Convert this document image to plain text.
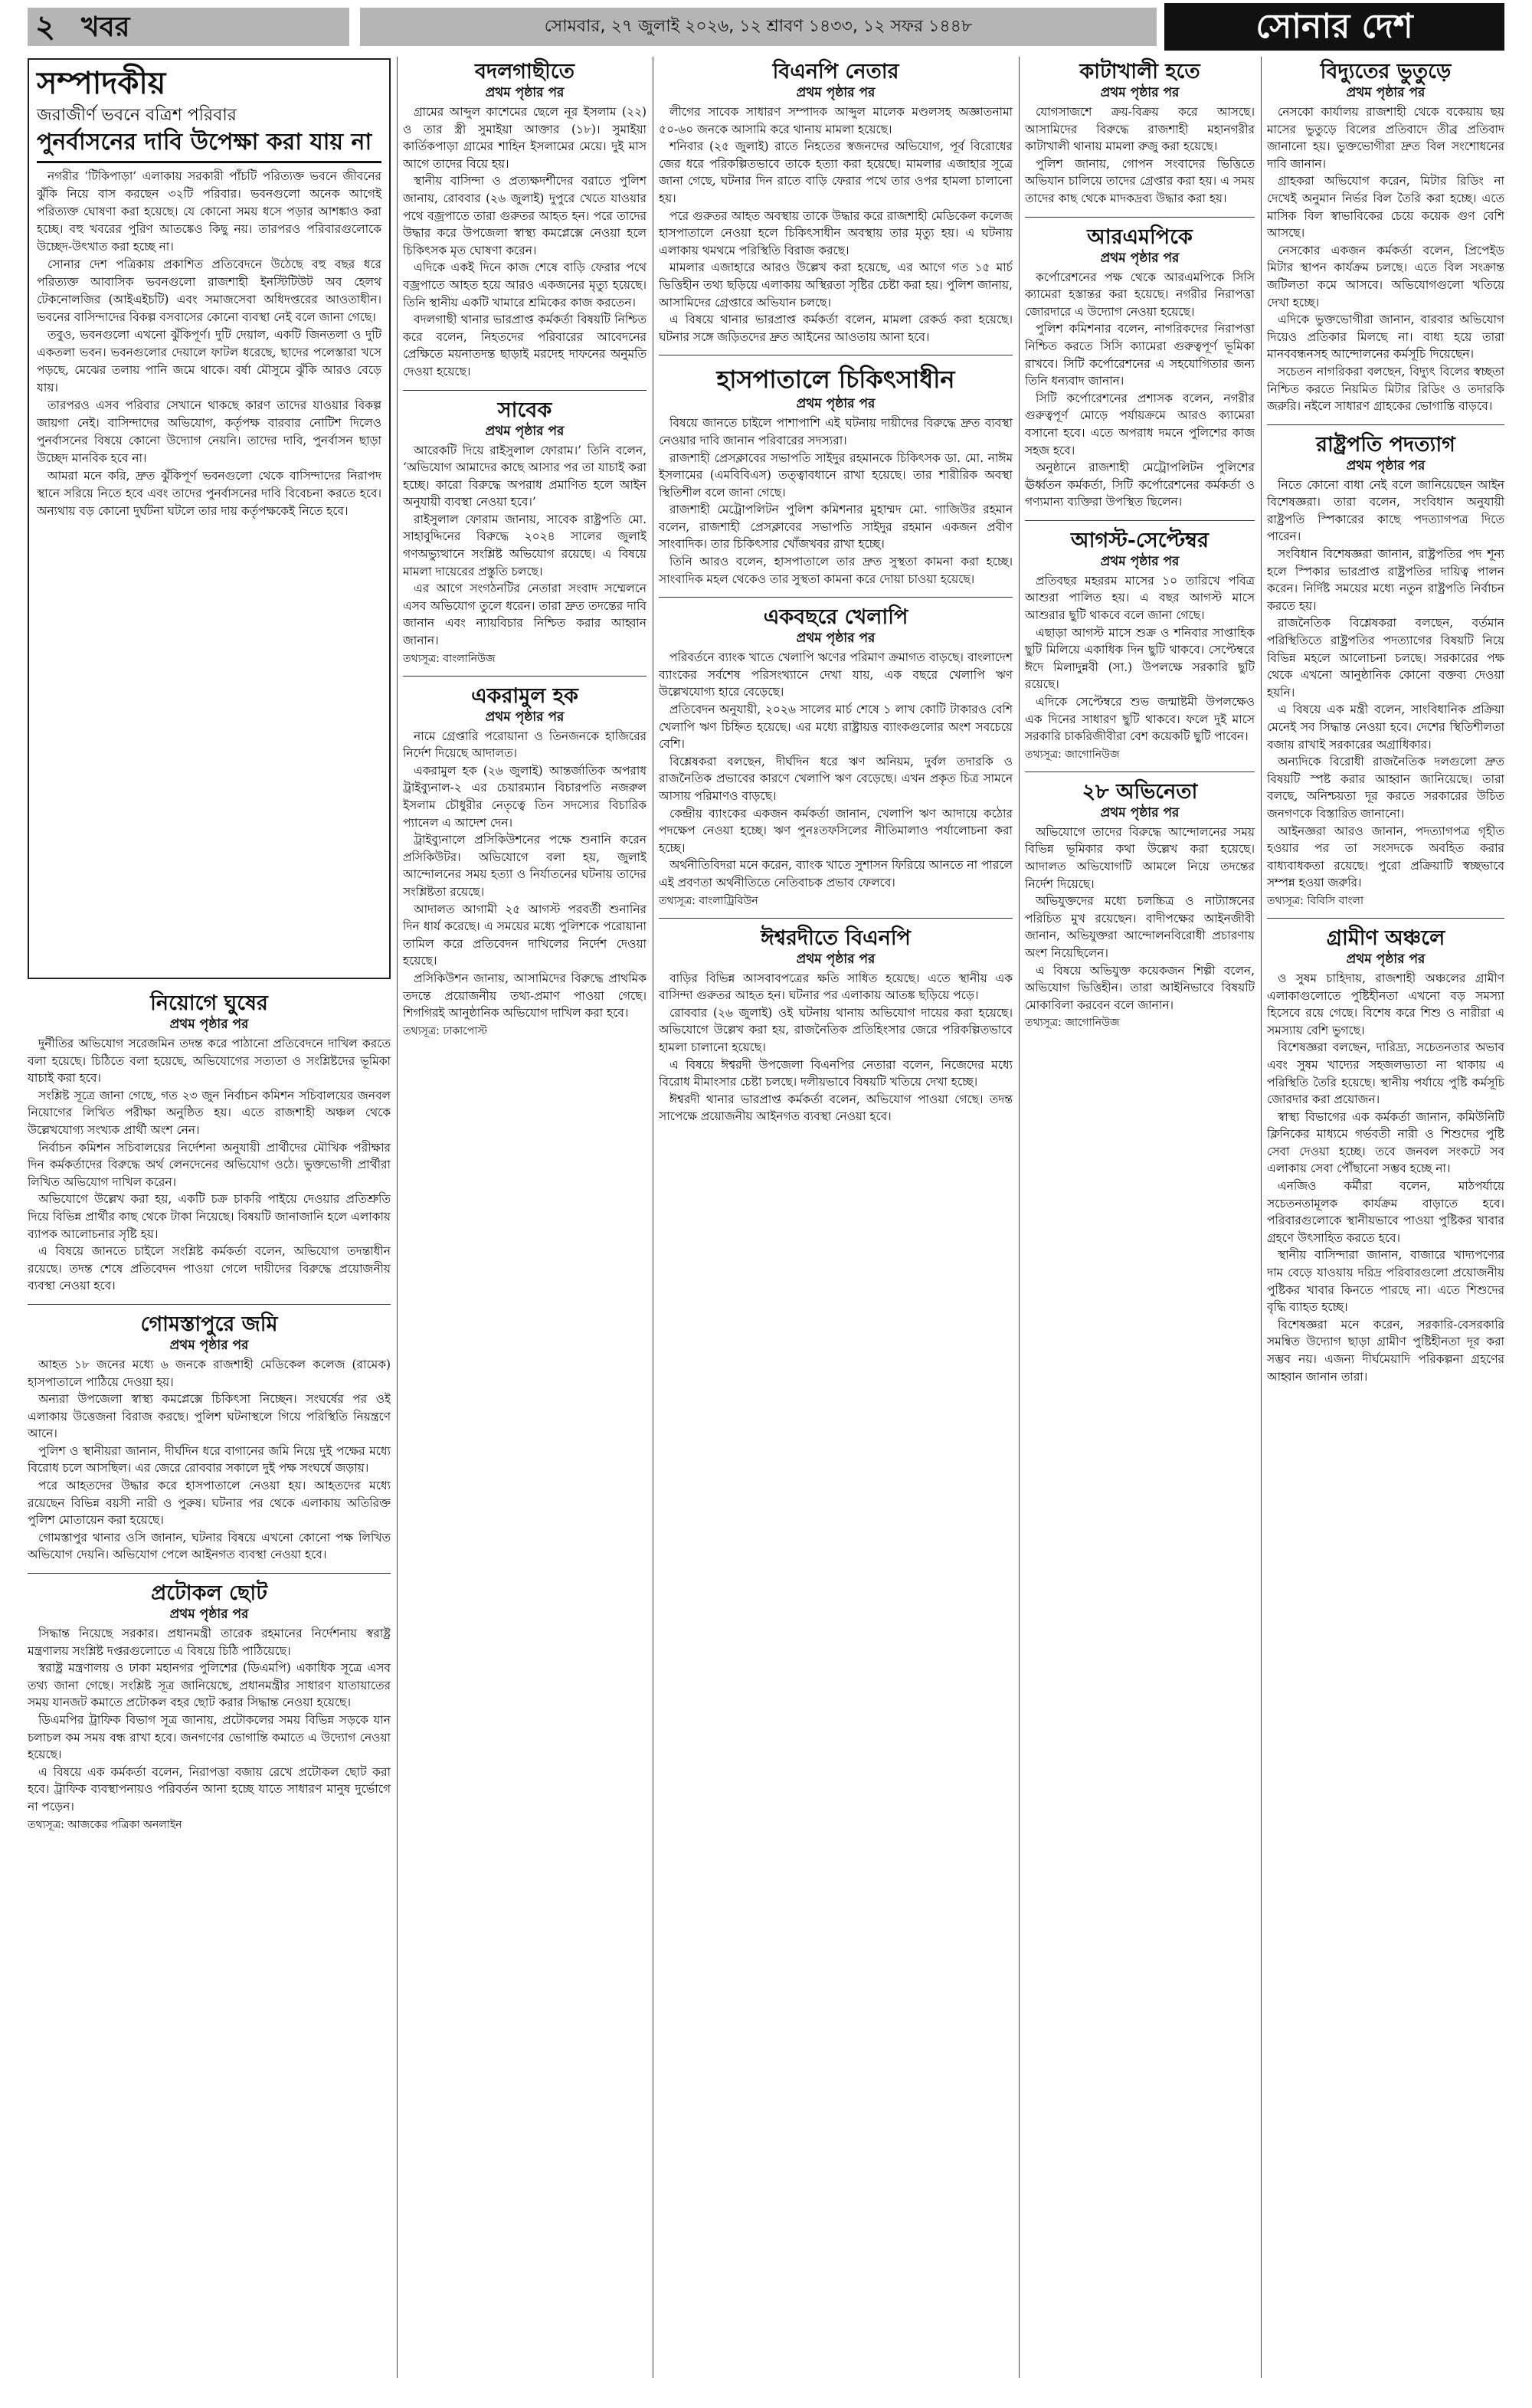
২ খবর	সোমবার, ২৭ জুলাই ২০২৬, ১২ শ্রাবণ ১৪৩৩, ১২ সফর ১৪৪৮	সোনার দেশ
সম্পাদকীয়
জরাজীর্ণ ভবনে বত্রিশ পরিবার
পুনর্বাসনের দাবি উপেক্ষা করা যায় না

নগরীর ‘টিকিপাড়া’ এলাকায় সরকারী পাঁচটি পরিত্যক্ত ভবনে জীবনের ঝুঁকি নিয়ে বাস করছেন ৩২টি পরিবার। ভবনগুলো অনেক আগেই পরিত্যক্ত ঘোষণা করা হয়েছে। যে কোনো সময় ধসে পড়ার আশঙ্কাও করা হচ্ছে। বহু খবরের পুরিণ আতঙ্কেও কিছু নয়। তারপরও পরিবারগুলোকে উচ্ছেদ-উৎখাত করা হচ্ছে না।

সোনার দেশ পত্রিকায় প্রকাশিত প্রতিবেদনে উঠেছে বহু বছর ধরে পরিত্যক্ত আবাসিক ভবনগুলো রাজশাহী ইনস্টিটিউট অব হেলথ টেকনোলজির (আইএইচটি) এবং সমাজসেবা অধিদপ্তরের আওতাধীন। ভবনের বাসিন্দাদের বিকল্প বসবাসের কোনো ব্যবস্থা নেই বলে জানা গেছে।

তবুও, ভবনগুলো এখনো ঝুঁকিপূর্ণ। দুটি দেয়াল, একটি জিনতলা ও দুটি একতলা ভবন। ভবনগুলোর দেয়ালে ফাটল ধরেছে, ছাদের পলেস্তারা খসে পড়ছে, মেঝের তলায় পানি জমে থাকে। বর্ষা মৌসুমে ঝুঁকি আরও বেড়ে যায়।

তারপরও এসব পরিবার সেখানে থাকছে কারণ তাদের যাওয়ার বিকল্প জায়গা নেই। বাসিন্দাদের অভিযোগ, কর্তৃপক্ষ বারবার নোটিশ দিলেও পুনর্বাসনের বিষয়ে কোনো উদ্যোগ নেয়নি। তাদের দাবি, পুনর্বাসন ছাড়া উচ্ছেদ মানবিক হবে না।

আমরা মনে করি, দ্রুত ঝুঁকিপূর্ণ ভবনগুলো থেকে বাসিন্দাদের নিরাপদ স্থানে সরিয়ে নিতে হবে এবং তাদের পুনর্বাসনের দাবি বিবেচনা করতে হবে। অন্যথায় বড় কোনো দুর্ঘটনা ঘটলে তার দায় কর্তৃপক্ষকেই নিতে হবে।

নিয়োগে ঘুষের
প্রথম পৃষ্ঠার পর

দুর্নীতির অভিযোগ সরেজমিন তদন্ত করে পাঠানো প্রতিবেদনে দাখিল করতে বলা হয়েছে। চিঠিতে বলা হয়েছে, অভিযোগের সত্যতা ও সংশ্লিষ্টদের ভূমিকা যাচাই করা হবে।

সংশ্লিষ্ট সূত্রে জানা গেছে, গত ২৩ জুন নির্বাচন কমিশন সচিবালয়ের জনবল নিয়োগের লিখিত পরীক্ষা অনুষ্ঠিত হয়। এতে রাজশাহী অঞ্চল থেকে উল্লেখযোগ্য সংখ্যক প্রার্থী অংশ নেন।

নির্বাচন কমিশন সচিবালয়ের নির্দেশনা অনুযায়ী প্রার্থীদের মৌখিক পরীক্ষার দিন কর্মকর্তাদের বিরুদ্ধে অর্থ লেনদেনের অভিযোগ ওঠে। ভুক্তভোগী প্রার্থীরা লিখিত অভিযোগ দাখিল করেন।

অভিযোগে উল্লেখ করা হয়, একটি চক্র চাকরি পাইয়ে দেওয়ার প্রতিশ্রুতি দিয়ে বিভিন্ন প্রার্থীর কাছ থেকে টাকা নিয়েছে। বিষয়টি জানাজানি হলে এলাকায় ব্যাপক আলোচনার সৃষ্টি হয়।

এ বিষয়ে জানতে চাইলে সংশ্লিষ্ট কর্মকর্তা বলেন, অভিযোগ তদন্তাধীন রয়েছে। তদন্ত শেষে প্রতিবেদন পাওয়া গেলে দায়ীদের বিরুদ্ধে প্রয়োজনীয় ব্যবস্থা নেওয়া হবে।

গোমস্তাপুরে জমি
প্রথম পৃষ্ঠার পর

আহত ১৮ জনের মধ্যে ৬ জনকে রাজশাহী মেডিকেল কলেজ (রামেক) হাসপাতালে পাঠিয়ে দেওয়া হয়।

অন্যরা উপজেলা স্বাস্থ্য কমপ্লেক্সে চিকিৎসা নিচ্ছেন। সংঘর্ষের পর ওই এলাকায় উত্তেজনা বিরাজ করছে। পুলিশ ঘটনাস্থলে গিয়ে পরিস্থিতি নিয়ন্ত্রণে আনে।

পুলিশ ও স্থানীয়রা জানান, দীর্ঘদিন ধরে বাগানের জমি নিয়ে দুই পক্ষের মধ্যে বিরোধ চলে আসছিল। এর জেরে রোববার সকালে দুই পক্ষ সংঘর্ষে জড়ায়।

পরে আহতদের উদ্ধার করে হাসপাতালে নেওয়া হয়। আহতদের মধ্যে রয়েছেন বিভিন্ন বয়সী নারী ও পুরুষ। ঘটনার পর থেকে এলাকায় অতিরিক্ত পুলিশ মোতায়েন করা হয়েছে।

গোমস্তাপুর থানার ওসি জানান, ঘটনার বিষয়ে এখনো কোনো পক্ষ লিখিত অভিযোগ দেয়নি। অভিযোগ পেলে আইনগত ব্যবস্থা নেওয়া হবে।

প্রটোকল ছোট
প্রথম পৃষ্ঠার পর

সিদ্ধান্ত নিয়েছে সরকার। প্রধানমন্ত্রী তারেক রহমানের নির্দেশনায় স্বরাষ্ট্র মন্ত্রণালয় সংশ্লিষ্ট দপ্তরগুলোতে এ বিষয়ে চিঠি পাঠিয়েছে।

স্বরাষ্ট্র মন্ত্রণালয় ও ঢাকা মহানগর পুলিশের (ডিএমপি) একাধিক সূত্রে এসব তথ্য জানা গেছে। সংশ্লিষ্ট সূত্র জানিয়েছে, প্রধানমন্ত্রীর সাধারণ যাতায়াতের সময় যানজট কমাতে প্রটোকল বহর ছোট করার সিদ্ধান্ত নেওয়া হয়েছে।

ডিএমপির ট্রাফিক বিভাগ সূত্র জানায়, প্রটোকলের সময় বিভিন্ন সড়কে যান চলাচল কম সময় বন্ধ রাখা হবে। জনগণের ভোগান্তি কমাতে এ উদ্যোগ নেওয়া হয়েছে।

এ বিষয়ে এক কর্মকর্তা বলেন, নিরাপত্তা বজায় রেখে প্রটোকল ছোট করা হবে। ট্রাফিক ব্যবস্থাপনায়ও পরিবর্তন আনা হচ্ছে যাতে সাধারণ মানুষ দুর্ভোগে না পড়েন।

তথ্যসূত্র: আজকের পত্রিকা অনলাইন
বদলগাছীতে
প্রথম পৃষ্ঠার পর

গ্রামের আব্দুল কাশেমের ছেলে নূর ইসলাম (২২) ও তার স্ত্রী সুমাইয়া আক্তার (১৮)। সুমাইয়া কার্তিকপাড়া গ্রামের শাহিন ইসলামের মেয়ে। দুই মাস আগে তাদের বিয়ে হয়।

স্থানীয় বাসিন্দা ও প্রত্যক্ষদর্শীদের বরাতে পুলিশ জানায়, রোববার (২৬ জুলাই) দুপুরে খেতে যাওয়ার পথে বজ্রপাতে তারা গুরুতর আহত হন। পরে তাদের উদ্ধার করে উপজেলা স্বাস্থ্য কমপ্লেক্সে নেওয়া হলে চিকিৎসক মৃত ঘোষণা করেন।

এদিকে একই দিনে কাজ শেষে বাড়ি ফেরার পথে বজ্রপাতে আহত হয়ে আরও একজনের মৃত্যু হয়েছে। তিনি স্থানীয় একটি খামারে শ্রমিকের কাজ করতেন।

বদলগাছী থানার ভারপ্রাপ্ত কর্মকর্তা বিষয়টি নিশ্চিত করে বলেন, নিহতদের পরিবারের আবেদনের প্রেক্ষিতে ময়নাতদন্ত ছাড়াই মরদেহ দাফনের অনুমতি দেওয়া হয়েছে।

সাবেক
প্রথম পৃষ্ঠার পর

আরেকটি দিয়ে রাইসুলাল ফোরাম।’ তিনি বলেন, ‘অভিযোগ আমাদের কাছে আসার পর তা যাচাই করা হচ্ছে। কারো বিরুদ্ধে অপরাধ প্রমাণিত হলে আইন অনুযায়ী ব্যবস্থা নেওয়া হবে।’

রাইসুলাল ফোরাম জানায়, সাবেক রাষ্ট্রপতি মো. সাহাবুদ্দিনের বিরুদ্ধে ২০২৪ সালের জুলাই গণঅভ্যুত্থানে সংশ্লিষ্ট অভিযোগ রয়েছে। এ বিষয়ে মামলা দায়েরের প্রস্তুতি চলছে।

এর আগে সংগঠনটির নেতারা সংবাদ সম্মেলনে এসব অভিযোগ তুলে ধরেন। তারা দ্রুত তদন্তের দাবি জানান এবং ন্যায়বিচার নিশ্চিত করার আহ্বান জানান।

তথ্যসূত্র: বাংলানিউজ
একরামুল হক
প্রথম পৃষ্ঠার পর

নামে গ্রেপ্তারি পরোয়ানা ও তিনজনকে হাজিরের নির্দেশ দিয়েছে আদালত।

একরামুল হক (২৬ জুলাই) আন্তর্জাতিক অপরাধ ট্রাইব্যুনাল-২ এর চেয়ারম্যান বিচারপতি নজরুল ইসলাম চৌধুরীর নেতৃত্বে তিন সদস্যের বিচারিক প্যানেল এ আদেশ দেন।

ট্রাইব্যুনালে প্রসিকিউশনের পক্ষে শুনানি করেন প্রসিকিউটর। অভিযোগে বলা হয়, জুলাই আন্দোলনের সময় হত্যা ও নির্যাতনের ঘটনায় তাদের সংশ্লিষ্টতা রয়েছে।

আদালত আগামী ২৫ আগস্ট পরবর্তী শুনানির দিন ধার্য করেছে। এ সময়ের মধ্যে পুলিশকে পরোয়ানা তামিল করে প্রতিবেদন দাখিলের নির্দেশ দেওয়া হয়েছে।

প্রসিকিউশন জানায়, আসামিদের বিরুদ্ধে প্রাথমিক তদন্তে প্রয়োজনীয় তথ্য-প্রমাণ পাওয়া গেছে। শিগগিরই আনুষ্ঠানিক অভিযোগ দাখিল করা হবে।

তথ্যসূত্র: ঢাকাপোস্ট
বিএনপি নেতার
প্রথম পৃষ্ঠার পর

লীগের সাবেক সাধারণ সম্পাদক আব্দুল মালেক মণ্ডলসহ অজ্ঞাতনামা ৫০-৬০ জনকে আসামি করে থানায় মামলা হয়েছে।

শনিবার (২৫ জুলাই) রাতে নিহতের স্বজনদের অভিযোগ, পূর্ব বিরোধের জের ধরে পরিকল্পিতভাবে তাকে হত্যা করা হয়েছে। মামলার এজাহার সূত্রে জানা গেছে, ঘটনার দিন রাতে বাড়ি ফেরার পথে তার ওপর হামলা চালানো হয়।

পরে গুরুতর আহত অবস্থায় তাকে উদ্ধার করে রাজশাহী মেডিকেল কলেজ হাসপাতালে নেওয়া হলে চিকিৎসাধীন অবস্থায় তার মৃত্যু হয়। এ ঘটনায় এলাকায় থমথমে পরিস্থিতি বিরাজ করছে।

মামলার এজাহারে আরও উল্লেখ করা হয়েছে, এর আগে গত ১৫ মার্চ ভিত্তিহীন তথ্য ছড়িয়ে এলাকায় অস্থিরতা সৃষ্টির চেষ্টা করা হয়। পুলিশ জানায়, আসামিদের গ্রেপ্তারে অভিযান চলছে।

এ বিষয়ে থানার ভারপ্রাপ্ত কর্মকর্তা বলেন, মামলা রেকর্ড করা হয়েছে। ঘটনার সঙ্গে জড়িতদের দ্রুত আইনের আওতায় আনা হবে।

হাসপাতালে চিকিৎসাধীন
প্রথম পৃষ্ঠার পর

বিষয়ে জানতে চাইলে পাশাপাশি এই ঘটনায় দায়ীদের বিরুদ্ধে দ্রুত ব্যবস্থা নেওয়ার দাবি জানান পরিবারের সদস্যরা।

রাজশাহী প্রেসক্লাবের সভাপতি সাইদুর রহমানকে চিকিৎসক ডা. মো. নাঈম ইসলামের (এমবিবিএস) তত্ত্বাবধানে রাখা হয়েছে। তার শারীরিক অবস্থা স্থিতিশীল বলে জানা গেছে।

রাজশাহী মেট্রোপলিটন পুলিশ কমিশনার মুহাম্মদ মো. গাজিউর রহমান বলেন, রাজশাহী প্রেসক্লাবের সভাপতি সাইদুর রহমান একজন প্রবীণ সাংবাদিক। তার চিকিৎসার খোঁজখবর রাখা হচ্ছে।

তিনি আরও বলেন, হাসপাতালে তার দ্রুত সুস্থতা কামনা করা হচ্ছে। সাংবাদিক মহল থেকেও তার সুস্থতা কামনা করে দোয়া চাওয়া হয়েছে।

একবছরে খেলাপি
প্রথম পৃষ্ঠার পর

পরিবর্তনে ব্যাংক খাতে খেলাপি ঋণের পরিমাণ ক্রমাগত বাড়ছে। বাংলাদেশ ব্যাংকের সর্বশেষ পরিসংখ্যানে দেখা যায়, এক বছরে খেলাপি ঋণ উল্লেখযোগ্য হারে বেড়েছে।

প্রতিবেদন অনুযায়ী, ২০২৬ সালের মার্চ শেষে ১ লাখ কোটি টাকারও বেশি খেলাপি ঋণ চিহ্নিত হয়েছে। এর মধ্যে রাষ্ট্রায়ত্ত ব্যাংকগুলোর অংশ সবচেয়ে বেশি।

বিশ্লেষকরা বলছেন, দীর্ঘদিন ধরে ঋণ অনিয়ম, দুর্বল তদারকি ও রাজনৈতিক প্রভাবের কারণে খেলাপি ঋণ বেড়েছে। এখন প্রকৃত চিত্র সামনে আসায় পরিমাণও বাড়ছে।

কেন্দ্রীয় ব্যাংকের একজন কর্মকর্তা জানান, খেলাপি ঋণ আদায়ে কঠোর পদক্ষেপ নেওয়া হচ্ছে। ঋণ পুনঃতফসিলের নীতিমালাও পর্যালোচনা করা হচ্ছে।

অর্থনীতিবিদরা মনে করেন, ব্যাংক খাতে সুশাসন ফিরিয়ে আনতে না পারলে এই প্রবণতা অর্থনীতিতে নেতিবাচক প্রভাব ফেলবে।

তথ্যসূত্র: বাংলাট্রিবিউন
ঈশ্বরদীতে বিএনপি
প্রথম পৃষ্ঠার পর

বাড়ির বিভিন্ন আসবাবপত্রের ক্ষতি সাধিত হয়েছে। এতে স্থানীয় এক বাসিন্দা গুরুতর আহত হন। ঘটনার পর এলাকায় আতঙ্ক ছড়িয়ে পড়ে।

রোববার (২৬ জুলাই) ওই ঘটনায় থানায় অভিযোগ দায়ের করা হয়েছে। অভিযোগে উল্লেখ করা হয়, রাজনৈতিক প্রতিহিংসার জেরে পরিকল্পিতভাবে হামলা চালানো হয়েছে।

এ বিষয়ে ঈশ্বরদী উপজেলা বিএনপির নেতারা বলেন, নিজেদের মধ্যে বিরোধ মীমাংসার চেষ্টা চলছে। দলীয়ভাবে বিষয়টি খতিয়ে দেখা হচ্ছে।

ঈশ্বরদী থানার ভারপ্রাপ্ত কর্মকর্তা বলেন, অভিযোগ পাওয়া গেছে। তদন্ত সাপেক্ষে প্রয়োজনীয় আইনগত ব্যবস্থা নেওয়া হবে।

কাটাখালী হতে
প্রথম পৃষ্ঠার পর

যোগসাজশে ক্রয়-বিক্রয় করে আসছে। আসামিদের বিরুদ্ধে রাজশাহী মহানগরীর কাটাখালী থানায় মামলা রুজু করা হয়েছে।

পুলিশ জানায়, গোপন সংবাদের ভিত্তিতে অভিযান চালিয়ে তাদের গ্রেপ্তার করা হয়। এ সময় তাদের কাছ থেকে মাদকদ্রব্য উদ্ধার করা হয়।

আরএমপিকে
প্রথম পৃষ্ঠার পর

কর্পোরেশনের পক্ষ থেকে আরএমপিকে সিসি ক্যামেরা হস্তান্তর করা হয়েছে। নগরীর নিরাপত্তা জোরদারে এ উদ্যোগ নেওয়া হয়েছে।

পুলিশ কমিশনার বলেন, নাগরিকদের নিরাপত্তা নিশ্চিত করতে সিসি ক্যামেরা গুরুত্বপূর্ণ ভূমিকা রাখবে। সিটি কর্পোরেশনের এ সহযোগিতার জন্য তিনি ধন্যবাদ জানান।

সিটি কর্পোরেশনের প্রশাসক বলেন, নগরীর গুরুত্বপূর্ণ মোড়ে পর্যায়ক্রমে আরও ক্যামেরা বসানো হবে। এতে অপরাধ দমনে পুলিশের কাজ সহজ হবে।

অনুষ্ঠানে রাজশাহী মেট্রোপলিটন পুলিশের ঊর্ধ্বতন কর্মকর্তা, সিটি কর্পোরেশনের কর্মকর্তা ও গণ্যমান্য ব্যক্তিরা উপস্থিত ছিলেন।

আগস্ট-সেপ্টেম্বর
প্রথম পৃষ্ঠার পর

প্রতিবছর মহররম মাসের ১০ তারিখে পবিত্র আশুরা পালিত হয়। এ বছর আগস্ট মাসে আশুরার ছুটি থাকবে বলে জানা গেছে।

এছাড়া আগস্ট মাসে শুক্র ও শনিবার সাপ্তাহিক ছুটি মিলিয়ে একাধিক দিন ছুটি থাকবে। সেপ্টেম্বরে ঈদে মিলাদুন্নবী (সা.) উপলক্ষে সরকারি ছুটি রয়েছে।

এদিকে সেপ্টেম্বরে শুভ জন্মাষ্টমী উপলক্ষেও এক দিনের সাধারণ ছুটি থাকবে। ফলে দুই মাসে সরকারি চাকরিজীবীরা বেশ কয়েকটি ছুটি পাবেন।

তথ্যসূত্র: জাগোনিউজ
২৮ অভিনেতা
প্রথম পৃষ্ঠার পর

অভিযোগে তাদের বিরুদ্ধে আন্দোলনের সময় বিভিন্ন ভূমিকার কথা উল্লেখ করা হয়েছে। আদালত অভিযোগটি আমলে নিয়ে তদন্তের নির্দেশ দিয়েছে।

অভিযুক্তদের মধ্যে চলচ্চিত্র ও নাট্যাঙ্গনের পরিচিত মুখ রয়েছেন। বাদীপক্ষের আইনজীবী জানান, অভিযুক্তরা আন্দোলনবিরোধী প্রচারণায় অংশ নিয়েছিলেন।

এ বিষয়ে অভিযুক্ত কয়েকজন শিল্পী বলেন, অভিযোগ ভিত্তিহীন। তারা আইনিভাবে বিষয়টি মোকাবিলা করবেন বলে জানান।

তথ্যসূত্র: জাগোনিউজ
বিদ্যুতের ভুতুড়ে
প্রথম পৃষ্ঠার পর

নেসকো কার্যালয় রাজশাহী থেকে বকেয়ায় ছয় মাসের ভুতুড়ে বিলের প্রতিবাদে তীব্র প্রতিবাদ জানানো হয়। ভুক্তভোগীরা দ্রুত বিল সংশোধনের দাবি জানান।

গ্রাহকরা অভিযোগ করেন, মিটার রিডিং না দেখেই অনুমান নির্ভর বিল তৈরি করা হচ্ছে। এতে মাসিক বিল স্বাভাবিকের চেয়ে কয়েক গুণ বেশি আসছে।

নেসকোর একজন কর্মকর্তা বলেন, প্রিপেইড মিটার স্থাপন কার্যক্রম চলছে। এতে বিল সংক্রান্ত জটিলতা কমে আসবে। অভিযোগগুলো খতিয়ে দেখা হচ্ছে।

এদিকে ভুক্তভোগীরা জানান, বারবার অভিযোগ দিয়েও প্রতিকার মিলছে না। বাধ্য হয়ে তারা মানববন্ধনসহ আন্দোলনের কর্মসূচি দিয়েছেন।

সচেতন নাগরিকরা বলছেন, বিদ্যুৎ বিলের স্বচ্ছতা নিশ্চিত করতে নিয়মিত মিটার রিডিং ও তদারকি জরুরি। নইলে সাধারণ গ্রাহকের ভোগান্তি বাড়বে।

রাষ্ট্রপতি পদত্যাগ
প্রথম পৃষ্ঠার পর

নিতে কোনো বাধা নেই বলে জানিয়েছেন আইন বিশেষজ্ঞরা। তারা বলেন, সংবিধান অনুযায়ী রাষ্ট্রপতি স্পিকারের কাছে পদত্যাগপত্র দিতে পারেন।

সংবিধান বিশেষজ্ঞরা জানান, রাষ্ট্রপতির পদ শূন্য হলে স্পিকার ভারপ্রাপ্ত রাষ্ট্রপতির দায়িত্ব পালন করেন। নির্দিষ্ট সময়ের মধ্যে নতুন রাষ্ট্রপতি নির্বাচন করতে হয়।

রাজনৈতিক বিশ্লেষকরা বলছেন, বর্তমান পরিস্থিতিতে রাষ্ট্রপতির পদত্যাগের বিষয়টি নিয়ে বিভিন্ন মহলে আলোচনা চলছে। সরকারের পক্ষ থেকে এখনো আনুষ্ঠানিক কোনো বক্তব্য দেওয়া হয়নি।

এ বিষয়ে এক মন্ত্রী বলেন, সাংবিধানিক প্রক্রিয়া মেনেই সব সিদ্ধান্ত নেওয়া হবে। দেশের স্থিতিশীলতা বজায় রাখাই সরকারের অগ্রাধিকার।

অন্যদিকে বিরোধী রাজনৈতিক দলগুলো দ্রুত বিষয়টি স্পষ্ট করার আহ্বান জানিয়েছে। তারা বলছে, অনিশ্চয়তা দূর করতে সরকারের উচিত জনগণকে বিস্তারিত জানানো।

আইনজ্ঞরা আরও জানান, পদত্যাগপত্র গৃহীত হওয়ার পর তা সংসদকে অবহিত করার বাধ্যবাধকতা রয়েছে। পুরো প্রক্রিয়াটি স্বচ্ছভাবে সম্পন্ন হওয়া জরুরি।

তথ্যসূত্র: বিবিসি বাংলা
গ্রামীণ অঞ্চলে
প্রথম পৃষ্ঠার পর

ও সুষম চাহিদায়, রাজশাহী অঞ্চলের গ্রামীণ এলাকাগুলোতে পুষ্টিহীনতা এখনো বড় সমস্যা হিসেবে রয়ে গেছে। বিশেষ করে শিশু ও নারীরা এ সমস্যায় বেশি ভুগছে।

বিশেষজ্ঞরা বলছেন, দারিদ্র্য, সচেতনতার অভাব এবং সুষম খাদ্যের সহজলভ্যতা না থাকায় এ পরিস্থিতি তৈরি হয়েছে। স্থানীয় পর্যায়ে পুষ্টি কর্মসূচি জোরদার করা প্রয়োজন।

স্বাস্থ্য বিভাগের এক কর্মকর্তা জানান, কমিউনিটি ক্লিনিকের মাধ্যমে গর্ভবতী নারী ও শিশুদের পুষ্টি সেবা দেওয়া হচ্ছে। তবে জনবল সংকটে সব এলাকায় সেবা পৌঁছানো সম্ভব হচ্ছে না।

এনজিও কর্মীরা বলেন, মাঠপর্যায়ে সচেতনতামূলক কার্যক্রম বাড়াতে হবে। পরিবারগুলোকে স্থানীয়ভাবে পাওয়া পুষ্টিকর খাবার গ্রহণে উৎসাহিত করতে হবে।

স্থানীয় বাসিন্দারা জানান, বাজারে খাদ্যপণ্যের দাম বেড়ে যাওয়ায় দরিদ্র পরিবারগুলো প্রয়োজনীয় পুষ্টিকর খাবার কিনতে পারছে না। এতে শিশুদের বৃদ্ধি ব্যাহত হচ্ছে।

বিশেষজ্ঞরা মনে করেন, সরকারি-বেসরকারি সমন্বিত উদ্যোগ ছাড়া গ্রামীণ পুষ্টিহীনতা দূর করা সম্ভব নয়। এজন্য দীর্ঘমেয়াদি পরিকল্পনা গ্রহণের আহ্বান জানান তারা।
